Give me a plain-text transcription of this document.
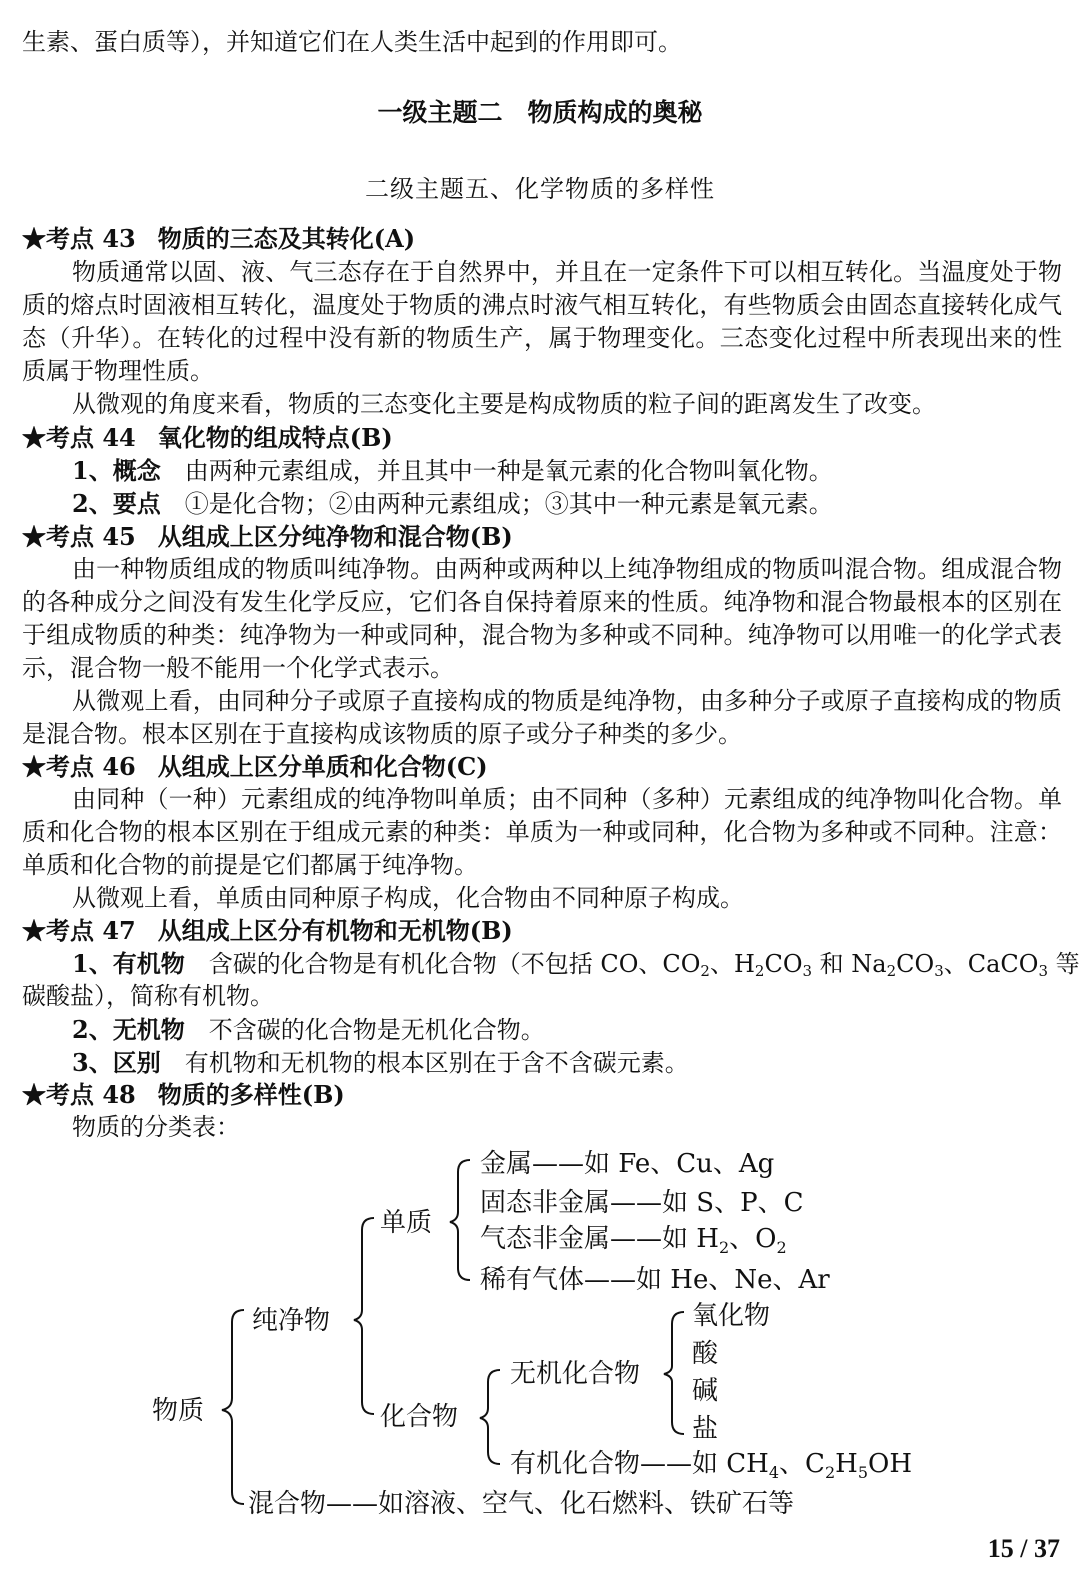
生素、蛋白质等），并知道它们在人类生活中起到的作用即可。
一级主题二　物质构成的奥秘
二级主题五、化学物质的多样性
★考点 43 物质的三态及其转化(A)
物质通常以固、液、气三态存在于自然界中，并且在一定条件下可以相互转化。当温度处于物质的熔点时固液相互转化，温度处于物质的沸点时液气相互转化，有些物质会由固态直接转化成气态（升华）。在转化的过程中没有新的物质生产，属于物理变化。三态变化过程中所表现出来的性质属于物理性质。
从微观的角度来看，物质的三态变化主要是构成物质的粒子间的距离发生了改变。
★考点 44 氧化物的组成特点(B)
1、概念 由两种元素组成，并且其中一种是氧元素的化合物叫氧化物。
2、要点 ①是化合物；②由两种元素组成；③其中一种元素是氧元素。
★考点 45 从组成上区分纯净物和混合物(B)
由一种物质组成的物质叫纯净物。由两种或两种以上纯净物组成的物质叫混合物。组成混合物的各种成分之间没有发生化学反应，它们各自保持着原来的性质。纯净物和混合物最根本的区别在于组成物质的种类：纯净物为一种或同种，混合物为多种或不同种。纯净物可以用唯一的化学式表示，混合物一般不能用一个化学式表示。
从微观上看，由同种分子或原子直接构成的物质是纯净物，由多种分子或原子直接构成的物质是混合物。根本区别在于直接构成该物质的原子或分子种类的多少。
★考点 46 从组成上区分单质和化合物(C)
由同种（一种）元素组成的纯净物叫单质；由不同种（多种）元素组成的纯净物叫化合物。单质和化合物的根本区别在于组成元素的种类：单质为一种或同种，化合物为多种或不同种。注意：单质和化合物的前提是它们都属于纯净物。
从微观上看，单质由同种原子构成，化合物由不同种原子构成。
★考点 47 从组成上区分有机物和无机物(B)
1、有机物 含碳的化合物是有机化合物（不包括 CO、$CO_2$、$H_2CO_3$ 和 $Na_2CO_3$、CaCO$_3$ 等
碳酸盐），简称有机物。
2、无机物 不含碳的化合物是无机化合物。
3、区别 有机物和无机物的根本区别在于含不含碳元素。
★考点 48 物质的多样性(B)
物质的分类表：
物质
纯净物
混合物——如溶液、空气、化石燃料、铁矿石等
单质
化合物
金属——如 Fe、Cu、Ag
固态非金属——如 S、P、C
气态非金属——如 $H_2$、$O_2$
稀有气体——如 He、Ne、Ar
无机化合物
氧化物
酸
碱
盐
有机化合物——如 $CH_4$、$C_2H_5OH$
15 / 37
